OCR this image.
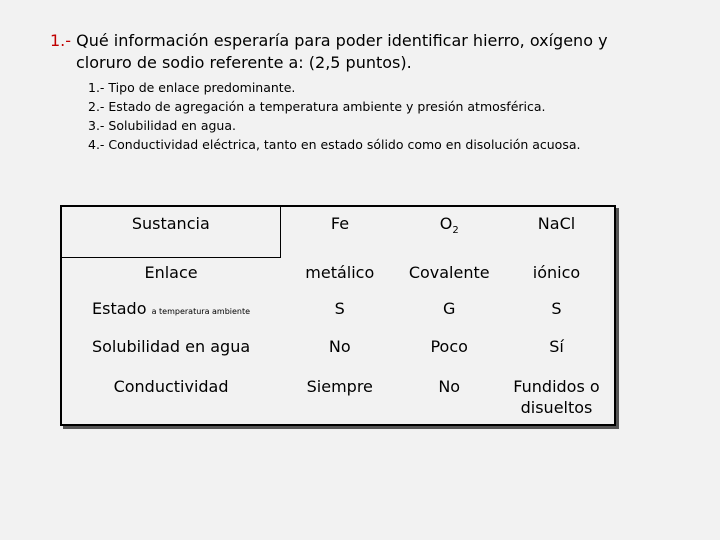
1.- Qué información esperaría para poder identificar hierro, oxígeno y
cloruro de sodio referente a: (2,5 puntos).
1.- Tipo de enlace predominante.
2.- Estado de agregación a temperatura ambiente y presión atmosférica.
3.- Solubilidad en agua.
4.- Conductividad eléctrica, tanto en estado sólido como en disolución acuosa.
Sustancia	Fe	$O_2$	NaCl
Enlace	metálico	Covalente	iónico
Estado a temperatura ambiente	S	G	S
Solubilidad en agua	No	Poco	Sí
Conductividad	Siempre	No	Fundidos o
disueltos
